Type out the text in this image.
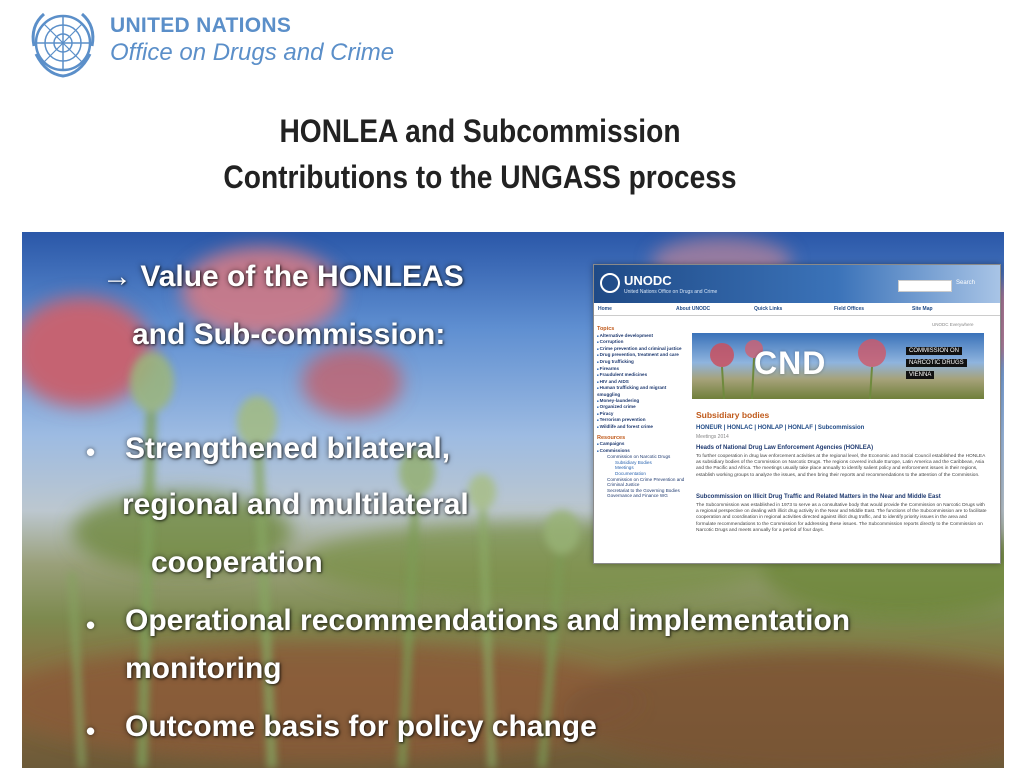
UNITED NATIONS
Office on Drugs and Crime
HONLEA and Subcommission
Contributions to the UNGASS process
UNODC
United Nations Office on Drugs and Crime
Search
Home	About UNODC	Quick Links	Field Offices	Site Map
UNODC Everywhere
Topics
■ Alternative development
■ Corruption
■ Crime prevention and criminal justice
■ Drug prevention, treatment and care
■ Drug trafficking
■ Firearms
■ Fraudulent medicines
■ HIV and AIDS
■ Human trafficking and migrant smuggling
■ Money-laundering
■ Organized crime
■ Piracy
■ Terrorism prevention
■ Wildlife and forest crime
Resources
■ Campaigns
■ Commissions
Commission on Narcotic Drugs
Subsidiary Bodies
Meetings
Documentation
Commission on Crime Prevention and Criminal Justice
Secretariat to the Governing Bodies
Governance and Finance WG
CND	COMMISSION ON
NARCOTIC DRUGS
VIENNA
Subsidiary bodies
HONEUR | HONLAC | HONLAP | HONLAF | Subcommission
Meetings 2014
Heads of National Drug Law Enforcement Agencies (HONLEA)
To further cooperation in drug law enforcement activities at the regional level, the Economic and Social Council established the HONLEA as subsidiary bodies of the Commission on Narcotic Drugs. The regions covered include Europe, Latin America and the Caribbean, Asia and the Pacific and Africa. The meetings usually take place annually to identify salient policy and enforcement issues in their regions, establish working groups to analyze the issues, and then bring their reports and recommendations to the attention of the Commission.
Subcommission on Illicit Drug Traffic and Related Matters in the Near and Middle East
The Subcommission was established in 1973 to serve as a consultative body that would provide the Commission on Narcotic Drugs with a regional perspective on dealing with illicit drug activity in the Near and Middle East. The functions of the Subcommission are to facilitate cooperation and coordination in regional activities directed against illicit drug traffic, and to identify priority issues in the area and formulate recommendations to the Commission for addressing these issues. The Subcommission reports directly to the Commission on Narcotic Drugs and meets annually for a period of four days.
→ Value of the HONLEAS
and Sub-commission:
• Strengthened bilateral,
regional and multilateral
cooperation
• Operational recommendations and implementation
monitoring
• Outcome basis for policy change
